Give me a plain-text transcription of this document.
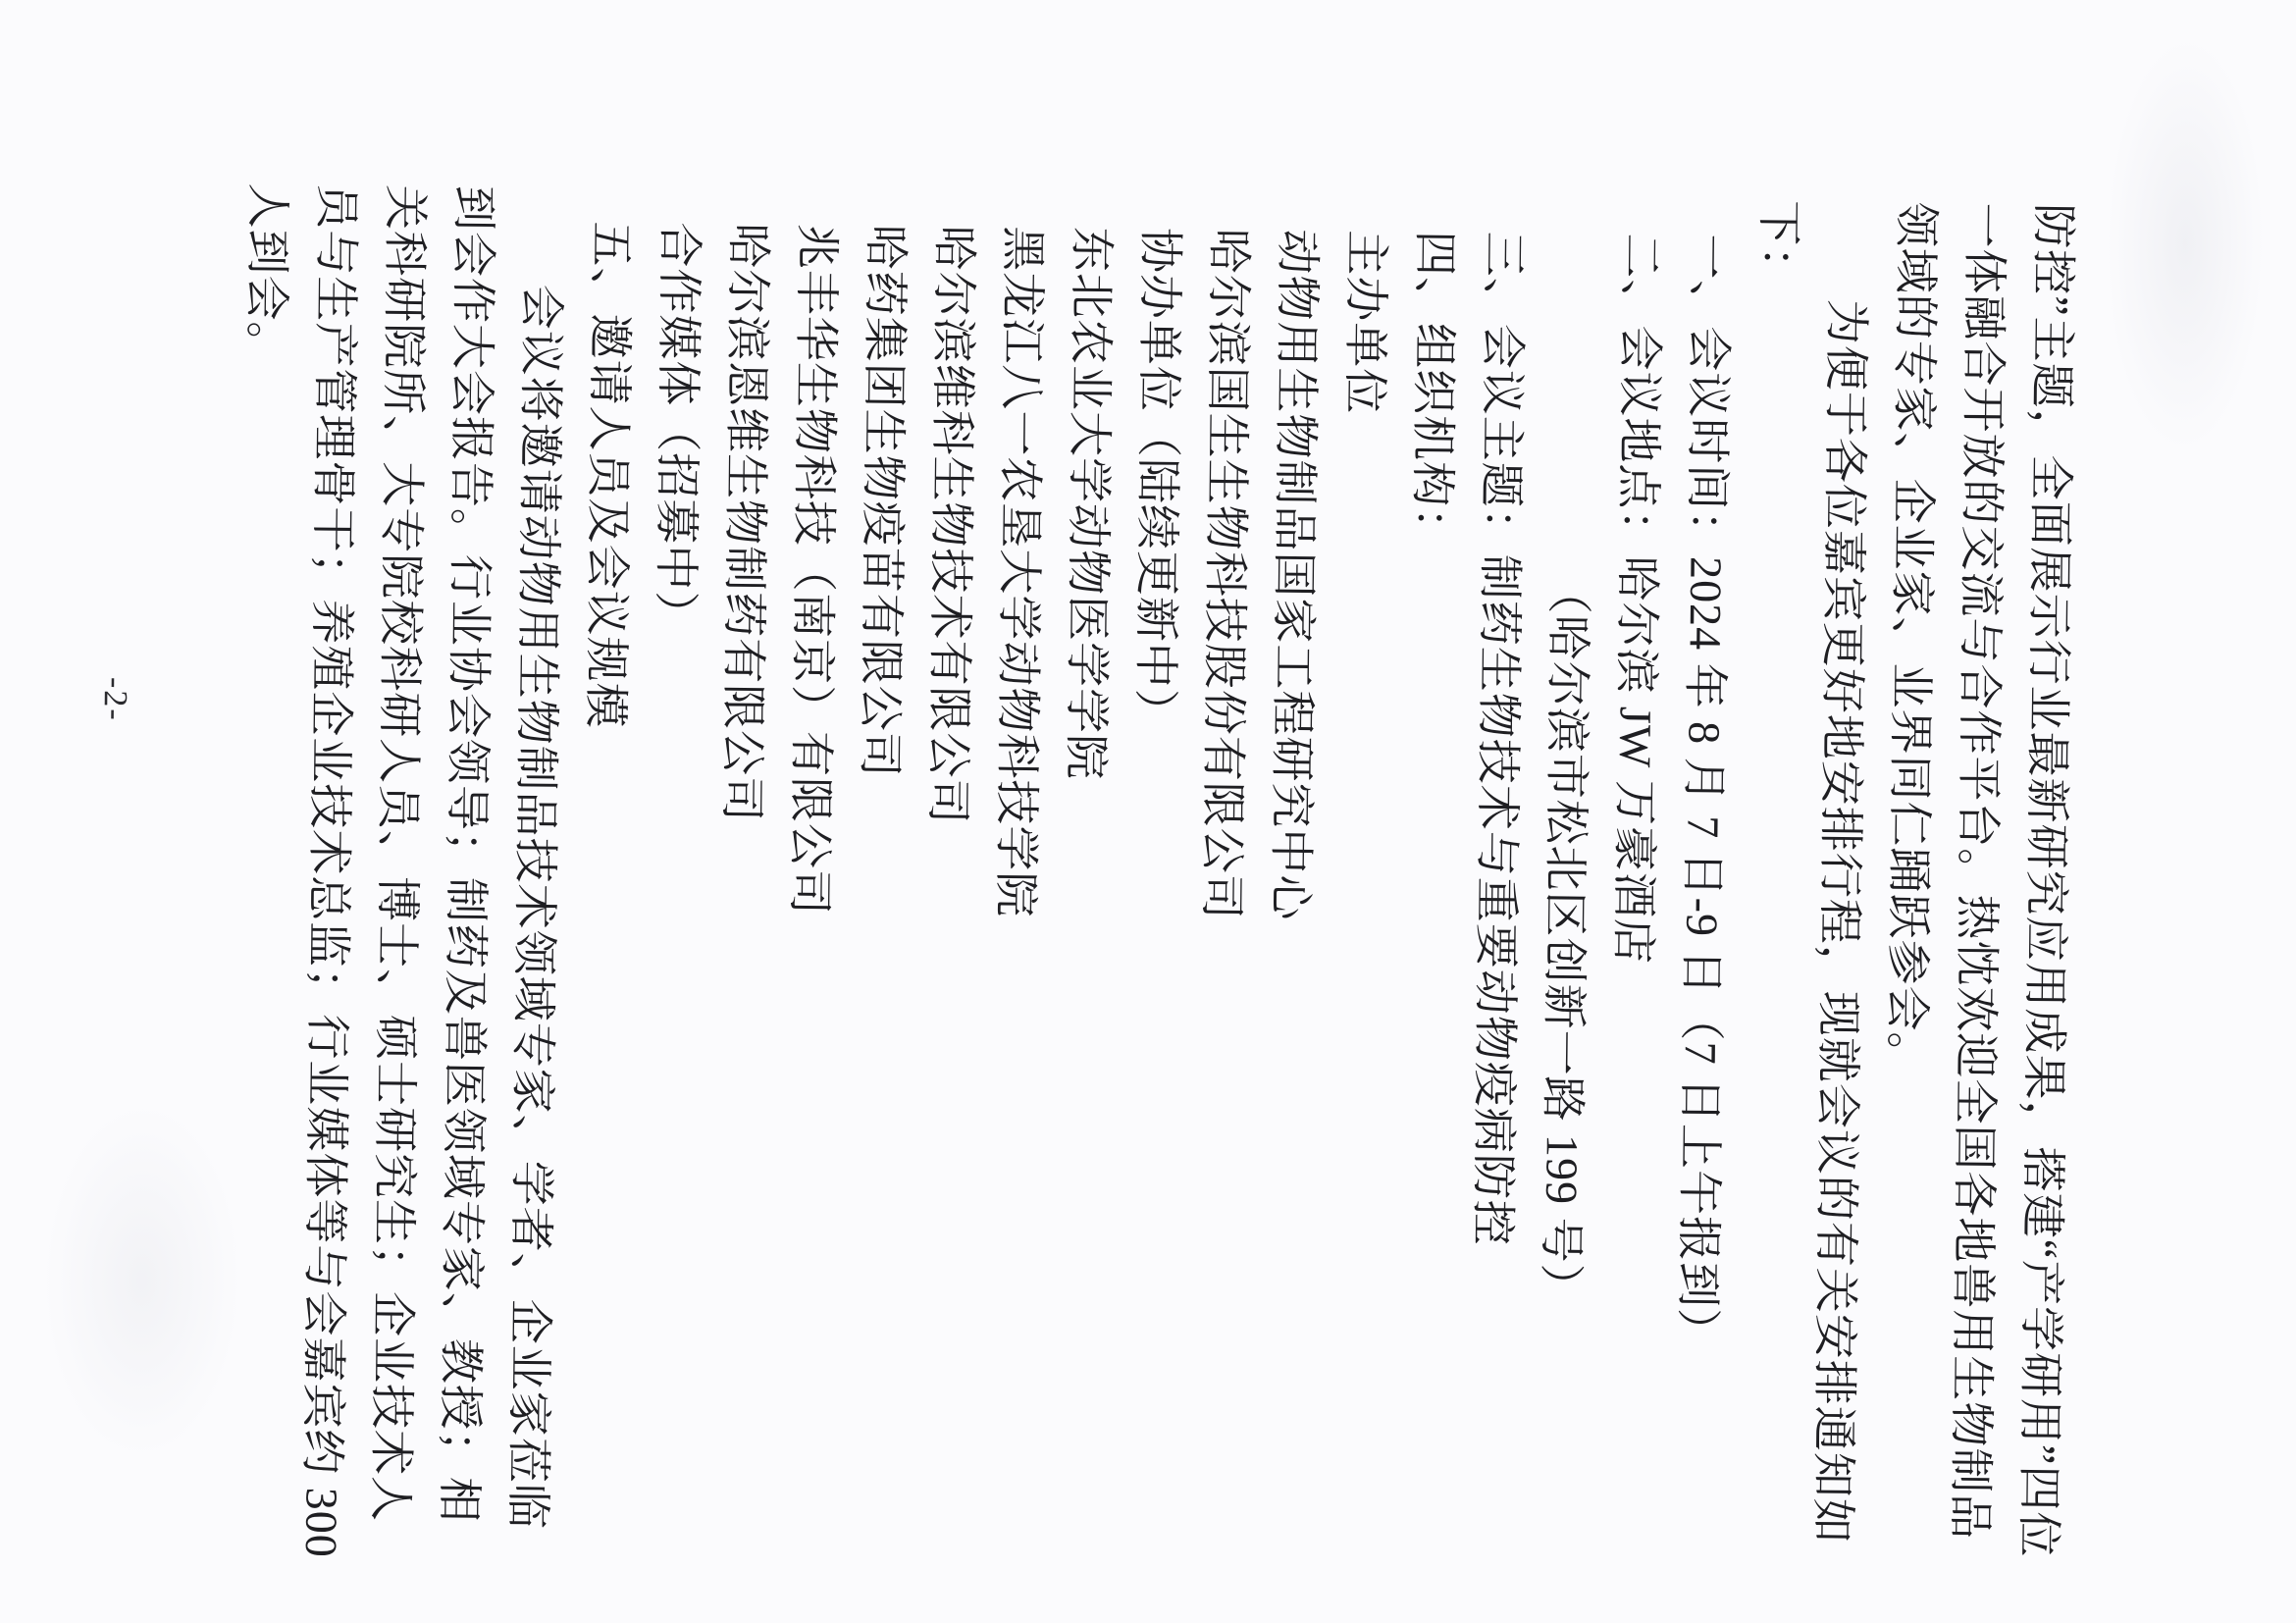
防控”主题，全面展示行业最新研究应用成果，搭建“产学研用”四位

一体融合开放的交流与合作平台。热忱欢迎全国各地兽用生物制品

领域的专家、企业家、业界同仁踊跃参会。

为便于各位嘉宾更好地安排行程，现就会议的有关安排通知如

下：

一、会议时间：2024 年 8 月 7 日-9 日（7 日上午报到）

二、会议地点：哈尔滨 JW 万豪酒店

（哈尔滨市松北区创新一路 199 号）

三、会议主题：制药生物技术与重要动物疫病防控

四、组织机构：

主办单位

动物用生物制品国家工程研究中心

哈尔滨国生生物科技股份有限公司

协办单位（陆续更新中）

东北农业大学动物医学学院

黑龙江八一农垦大学动物科技学院

哈尔滨维科生物技术有限公司

哈药集团生物疫苗有限公司

兆丰华生物科技（南京）有限公司

哈尔滨恩维生物制药有限公司

合作媒体（招募中）

五、邀请人员及会议规模

会议将邀请动物用生物制品技术领域专家、学者、企业家莅临

到会作大会报告。行业协会领导；制药及兽医领域专家、教授；相

关科研院所、大专院校科研人员、博士、硕士研究生；企业技术人

员与生产管理骨干；养殖企业技术总监；行业媒体等与会嘉宾约 300

人到会。

-2-
